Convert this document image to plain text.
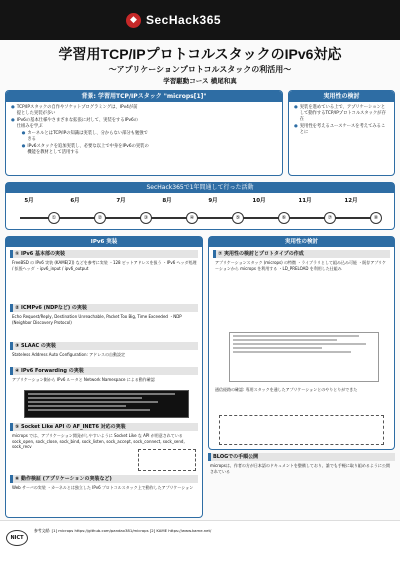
◆ SecHack365
学習用TCP/IPプロトコルスタックのIPv6対応
〜アプリケーションプロトコルスタックの利活用〜
学習駆動コース 横尾和真
背景: 学習用TCP/IPスタック "microps[1]"
● TCP/IPスタックの自作やソケットプログラミングは、IPv4が前提とした実装が多い
● IPv6の基本仕様やさまざまな拡張に対して、実装をするIPv6の仕組みを学ぶ

● カーネルとはTCP/IPの知識は実装し、分からない部分も勉強できる
● IPv6スタックを追加実装し、必要な以上で中身をIPv6の実装の機能を教材として活用する
実用性の検討
● 実装を進めている上で、アプリケーションとして動作するTCP/IPプロトコルスタックが存在
● 実用性を考えるユースケースを考えてみることに
SecHack365で1年間通して行った活動
5月	6月	7月	8月	9月	10月	11月	12月
①	②	③	④	⑤	⑥	⑦	⑧
IPv6 実装
① IPv6 基本部の実装
FreeBSD の IPv6 実装 (KAME[2]) などを参考に実装 ・128 ビットアドレスを扱う ・IPv6 ヘッダ処理 / 拡張ヘッダ ・ipv6_input / ipv6_output
② ICMPv6 (NDPなど) の実装
Echo Request/Reply, Destination Unreachable, Packet Too Big, Time Exceeded ・NDP (Neighbor Discovery Protocol)
③ SLAAC の実装
Stateless Address Auto Configuration: アドレスの自動設定
④ IPv6 Forwarding の実装
アプリケーション側から IPv6 ルータと Network Namespace による動作確認
⑤ Socket Like API の AF_INET6 対応の実装
microps では、アプリケーション開発がしやすいように Socket Like な API が用意されている sock_open, sock_close, sock_bind, sock_listen, sock_accept, sock_connect, sock_send, sock_recv
⑥ 動作検証 (アプリケーションの実装など)
Web サーバの実装 ・カーネルとは独立した IPv6 プロトコルスタック上で動作したアプリケーション
実用性の検討
⑦ 実用性の検討とプロトタイプの作成
アプリケーションスタック (microps) の特徴 ・ライブラリとして組み込み可能 ・既存アプリケーションから microps を利用する ・LD_PRELOAD を利用した仕組み
通信経路の確認: 専用スタックを通したアプリケーションとのやりとりができた
BLOGでの手順公開
micropsは、作者の方が日本語のドキュメントを整備しており、誰でも手軽に取り組めるように公開されている
NICT
参考文献: [1] microps https://github.com/pandax381/microps [2] KAME https://www.kame.net/
